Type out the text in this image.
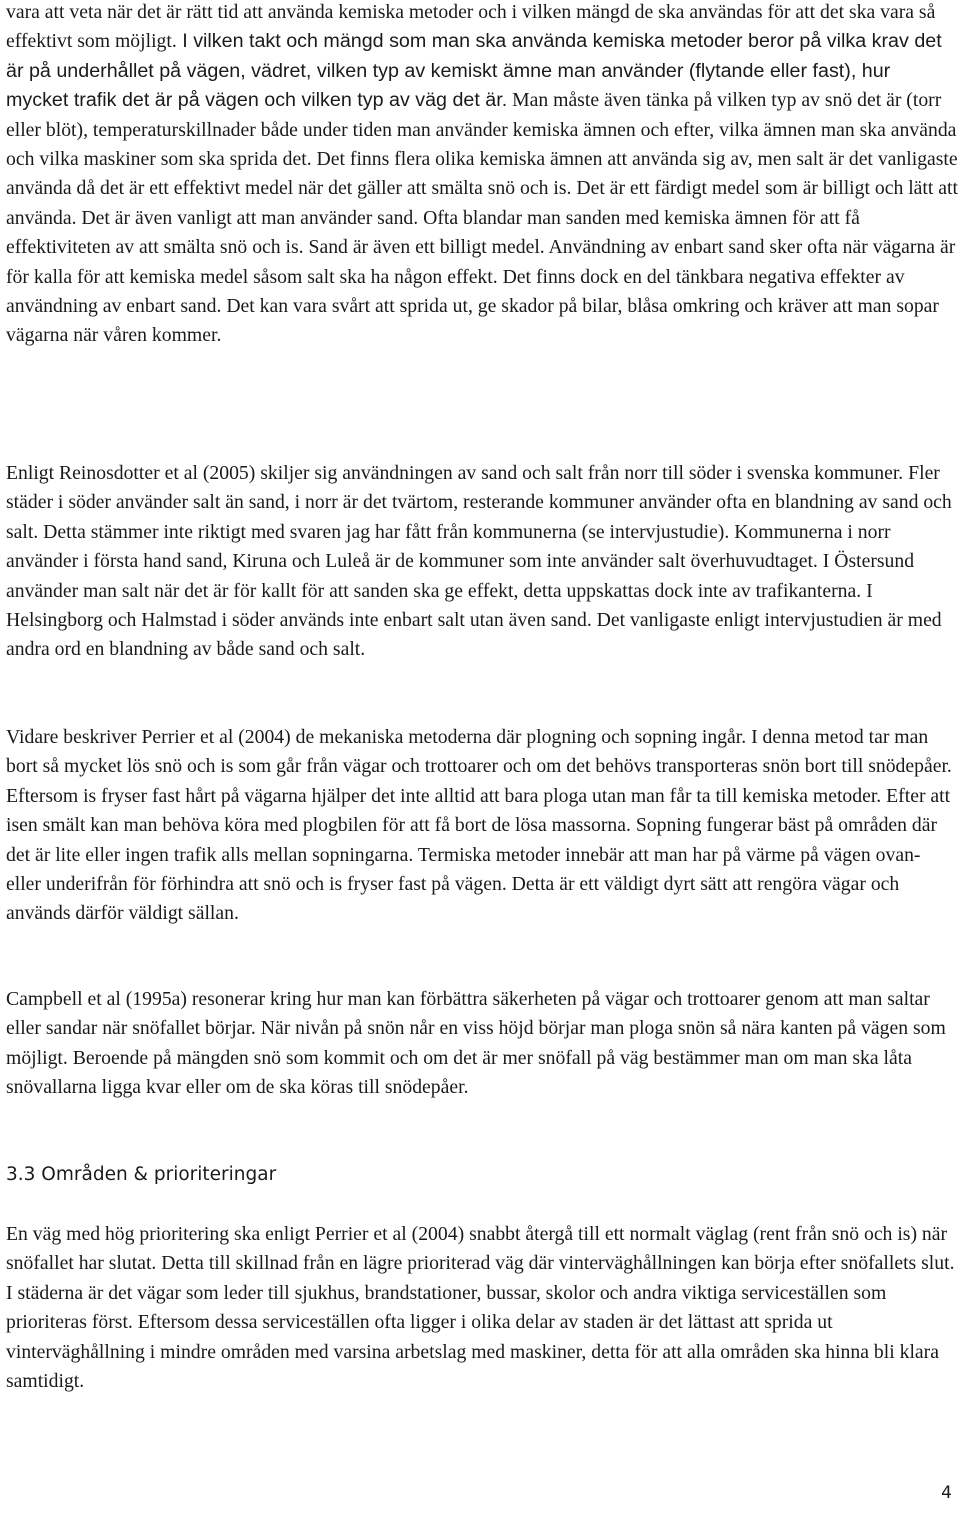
vara att veta när det är rätt tid att använda kemiska metoder och i vilken mängd de ska användas för att det ska vara så effektivt som möjligt. I vilken takt och mängd som man ska använda kemiska metoder beror på vilka krav det är på underhållet på vägen, vädret, vilken typ av kemiskt ämne man använder (flytande eller fast), hur mycket trafik det är på vägen och vilken typ av väg det är. Man måste även tänka på vilken typ av snö det är (torr eller blöt), temperaturskillnader både under tiden man använder kemiska ämnen och efter, vilka ämnen man ska använda och vilka maskiner som ska sprida det. Det finns flera olika kemiska ämnen att använda sig av, men salt är det vanligaste använda då det är ett effektivt medel när det gäller att smälta snö och is. Det är ett färdigt medel som är billigt och lätt att använda. Det är även vanligt att man använder sand. Ofta blandar man sanden med kemiska ämnen för att få effektiviteten av att smälta snö och is. Sand är även ett billigt medel. Användning av enbart sand sker ofta när vägarna är för kalla för att kemiska medel såsom salt ska ha någon effekt. Det finns dock en del tänkbara negativa effekter av användning av enbart sand. Det kan vara svårt att sprida ut, ge skador på bilar, blåsa omkring och kräver att man sopar vägarna när våren kommer.

Enligt Reinosdotter et al (2005) skiljer sig användningen av sand och salt från norr till söder i svenska kommuner. Fler städer i söder använder salt än sand, i norr är det tvärtom, resterande kommuner använder ofta en blandning av sand och salt. Detta stämmer inte riktigt med svaren jag har fått från kommunerna (se intervjustudie). Kommunerna i norr använder i första hand sand, Kiruna och Luleå är de kommuner som inte använder salt överhuvudtaget. I Östersund använder man salt när det är för kallt för att sanden ska ge effekt, detta uppskattas dock inte av trafikanterna. I Helsingborg och Halmstad i söder används inte enbart salt utan även sand. Det vanligaste enligt intervjustudien är med andra ord en blandning av både sand och salt.

Vidare beskriver Perrier et al (2004) de mekaniska metoderna där plogning och sopning ingår. I denna metod tar man bort så mycket lös snö och is som går från vägar och trottoarer och om det behövs transporteras snön bort till snödepåer. Eftersom is fryser fast hårt på vägarna hjälper det inte alltid att bara ploga utan man får ta till kemiska metoder. Efter att isen smält kan man behöva köra med plogbilen för att få bort de lösa massorna. Sopning fungerar bäst på områden där det är lite eller ingen trafik alls mellan sopningarna. Termiska metoder innebär att man har på värme på vägen ovan- eller underifrån för förhindra att snö och is fryser fast på vägen. Detta är ett väldigt dyrt sätt att rengöra vägar och används därför väldigt sällan.

Campbell et al (1995a) resonerar kring hur man kan förbättra säkerheten på vägar och trottoarer genom att man saltar eller sandar när snöfallet börjar. När nivån på snön når en viss höjd börjar man ploga snön så nära kanten på vägen som möjligt. Beroende på mängden snö som kommit och om det är mer snöfall på väg bestämmer man om man ska låta snövallarna ligga kvar eller om de ska köras till snödepåer.

3.3 Områden & prioriteringar

En väg med hög prioritering ska enligt Perrier et al (2004) snabbt återgå till ett normalt väglag (rent från snö och is) när snöfallet har slutat. Detta till skillnad från en lägre prioriterad väg där vinterväghållningen kan börja efter snöfallets slut. I städerna är det vägar som leder till sjukhus, brandstationer, bussar, skolor och andra viktiga serviceställen som prioriteras först. Eftersom dessa serviceställen ofta ligger i olika delar av staden är det lättast att sprida ut vinterväghållning i mindre områden med varsina arbetslag med maskiner, detta för att alla områden ska hinna bli klara samtidigt.

4
